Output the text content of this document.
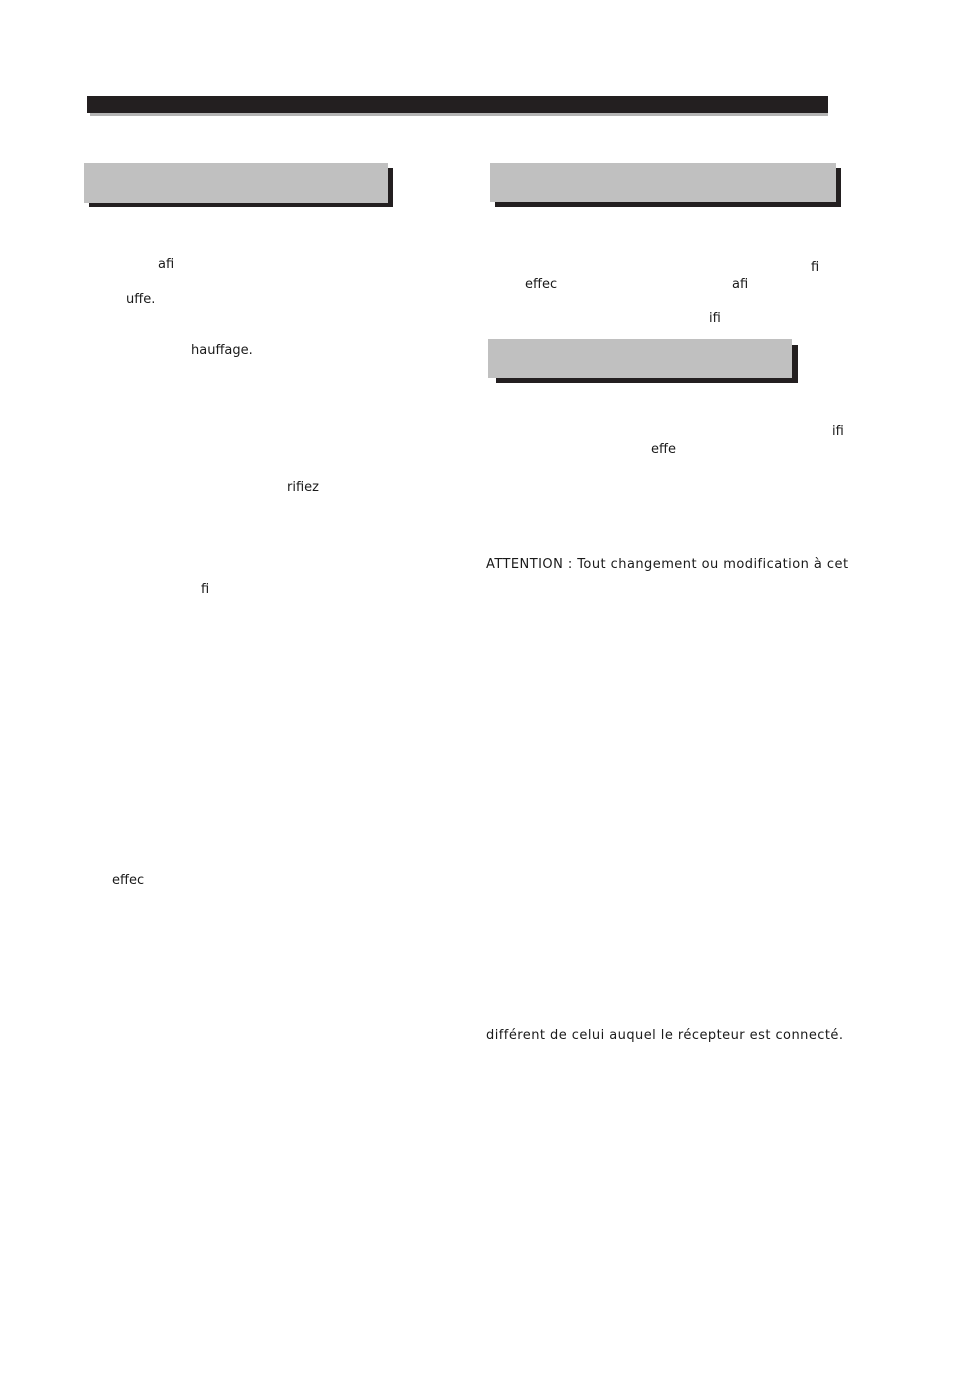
afi
uffe.
hauffage.
rifiez
fi
effec
fi
effec	afi
ifi
ifi
effe
ATTENTION : Tout changement ou modification à cet
différent de celui auquel le récepteur est connecté.
